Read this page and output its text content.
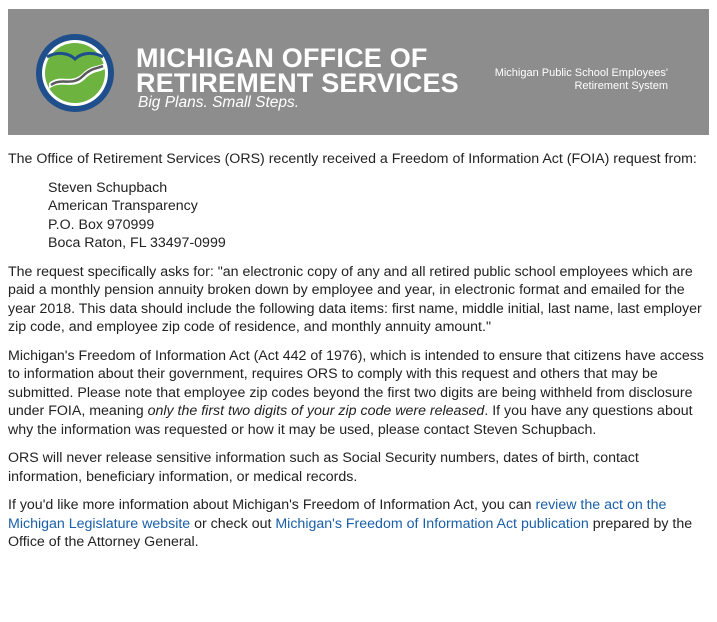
MICHIGAN OFFICE OF
RETIREMENT SERVICES
Big Plans. Small Steps.
Michigan Public School Employees'
Retirement System

The Office of Retirement Services (ORS) recently received a Freedom of Information Act (FOIA) request from:

Steven Schupbach
American Transparency
P.O. Box 970999
Boca Raton, FL 33497-0999

The request specifically asks for: "an electronic copy of any and all retired public school employees which are paid a monthly pension annuity broken down by employee and year, in electronic format and emailed for the year 2018. This data should include the following data items: first name, middle initial, last name, last employer zip code, and employee zip code of residence, and monthly annuity amount."

Michigan's Freedom of Information Act (Act 442 of 1976), which is intended to ensure that citizens have access to information about their government, requires ORS to comply with this request and others that may be submitted. Please note that employee zip codes beyond the first two digits are being withheld from disclosure under FOIA, meaning only the first two digits of your zip code were released. If you have any questions about why the information was requested or how it may be used, please contact Steven Schupbach.

ORS will never release sensitive information such as Social Security numbers, dates of birth, contact information, beneficiary information, or medical records.

If you'd like more information about Michigan's Freedom of Information Act, you can review the act on the Michigan Legislature website or check out Michigan's Freedom of Information Act publication prepared by the Office of the Attorney General.
